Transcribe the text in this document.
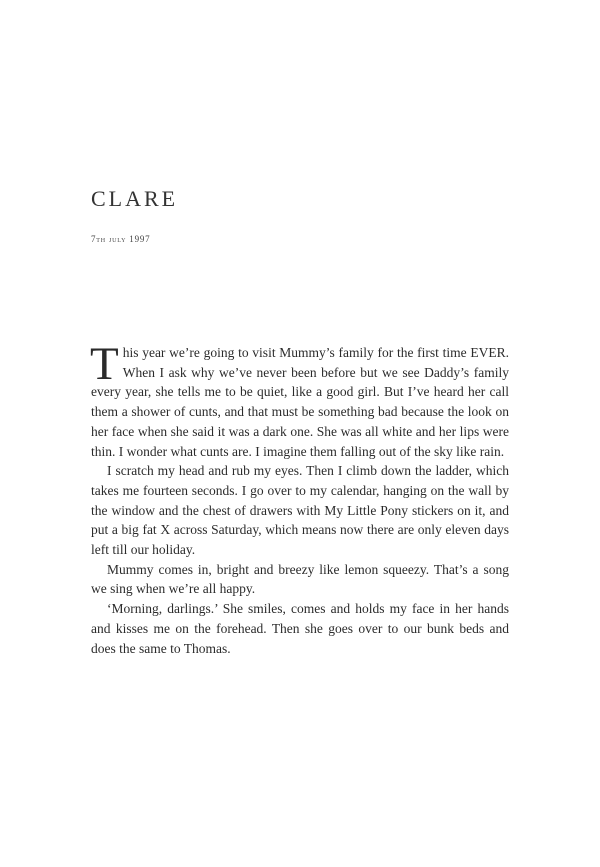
CLARE
7th july 1997

This year we’re going to visit Mummy’s family for the first time EVER. When I ask why we’ve never been before but we see Daddy’s family every year, she tells me to be quiet, like a good girl. But I’ve heard her call them a shower of cunts, and that must be something bad because the look on her face when she said it was a dark one. She was all white and her lips were thin. I wonder what cunts are. I imagine them falling out of the sky like rain.

I scratch my head and rub my eyes. Then I climb down the ladder, which takes me fourteen seconds. I go over to my calendar, hanging on the wall by the window and the chest of drawers with My Little Pony stickers on it, and put a big fat X across Saturday, which means now there are only eleven days left till our holiday.

Mummy comes in, bright and breezy like lemon squeezy. That’s a song we sing when we’re all happy.

‘Morning, darlings.’ She smiles, comes and holds my face in her hands and kisses me on the forehead. Then she goes over to our bunk beds and does the same to Thomas.
